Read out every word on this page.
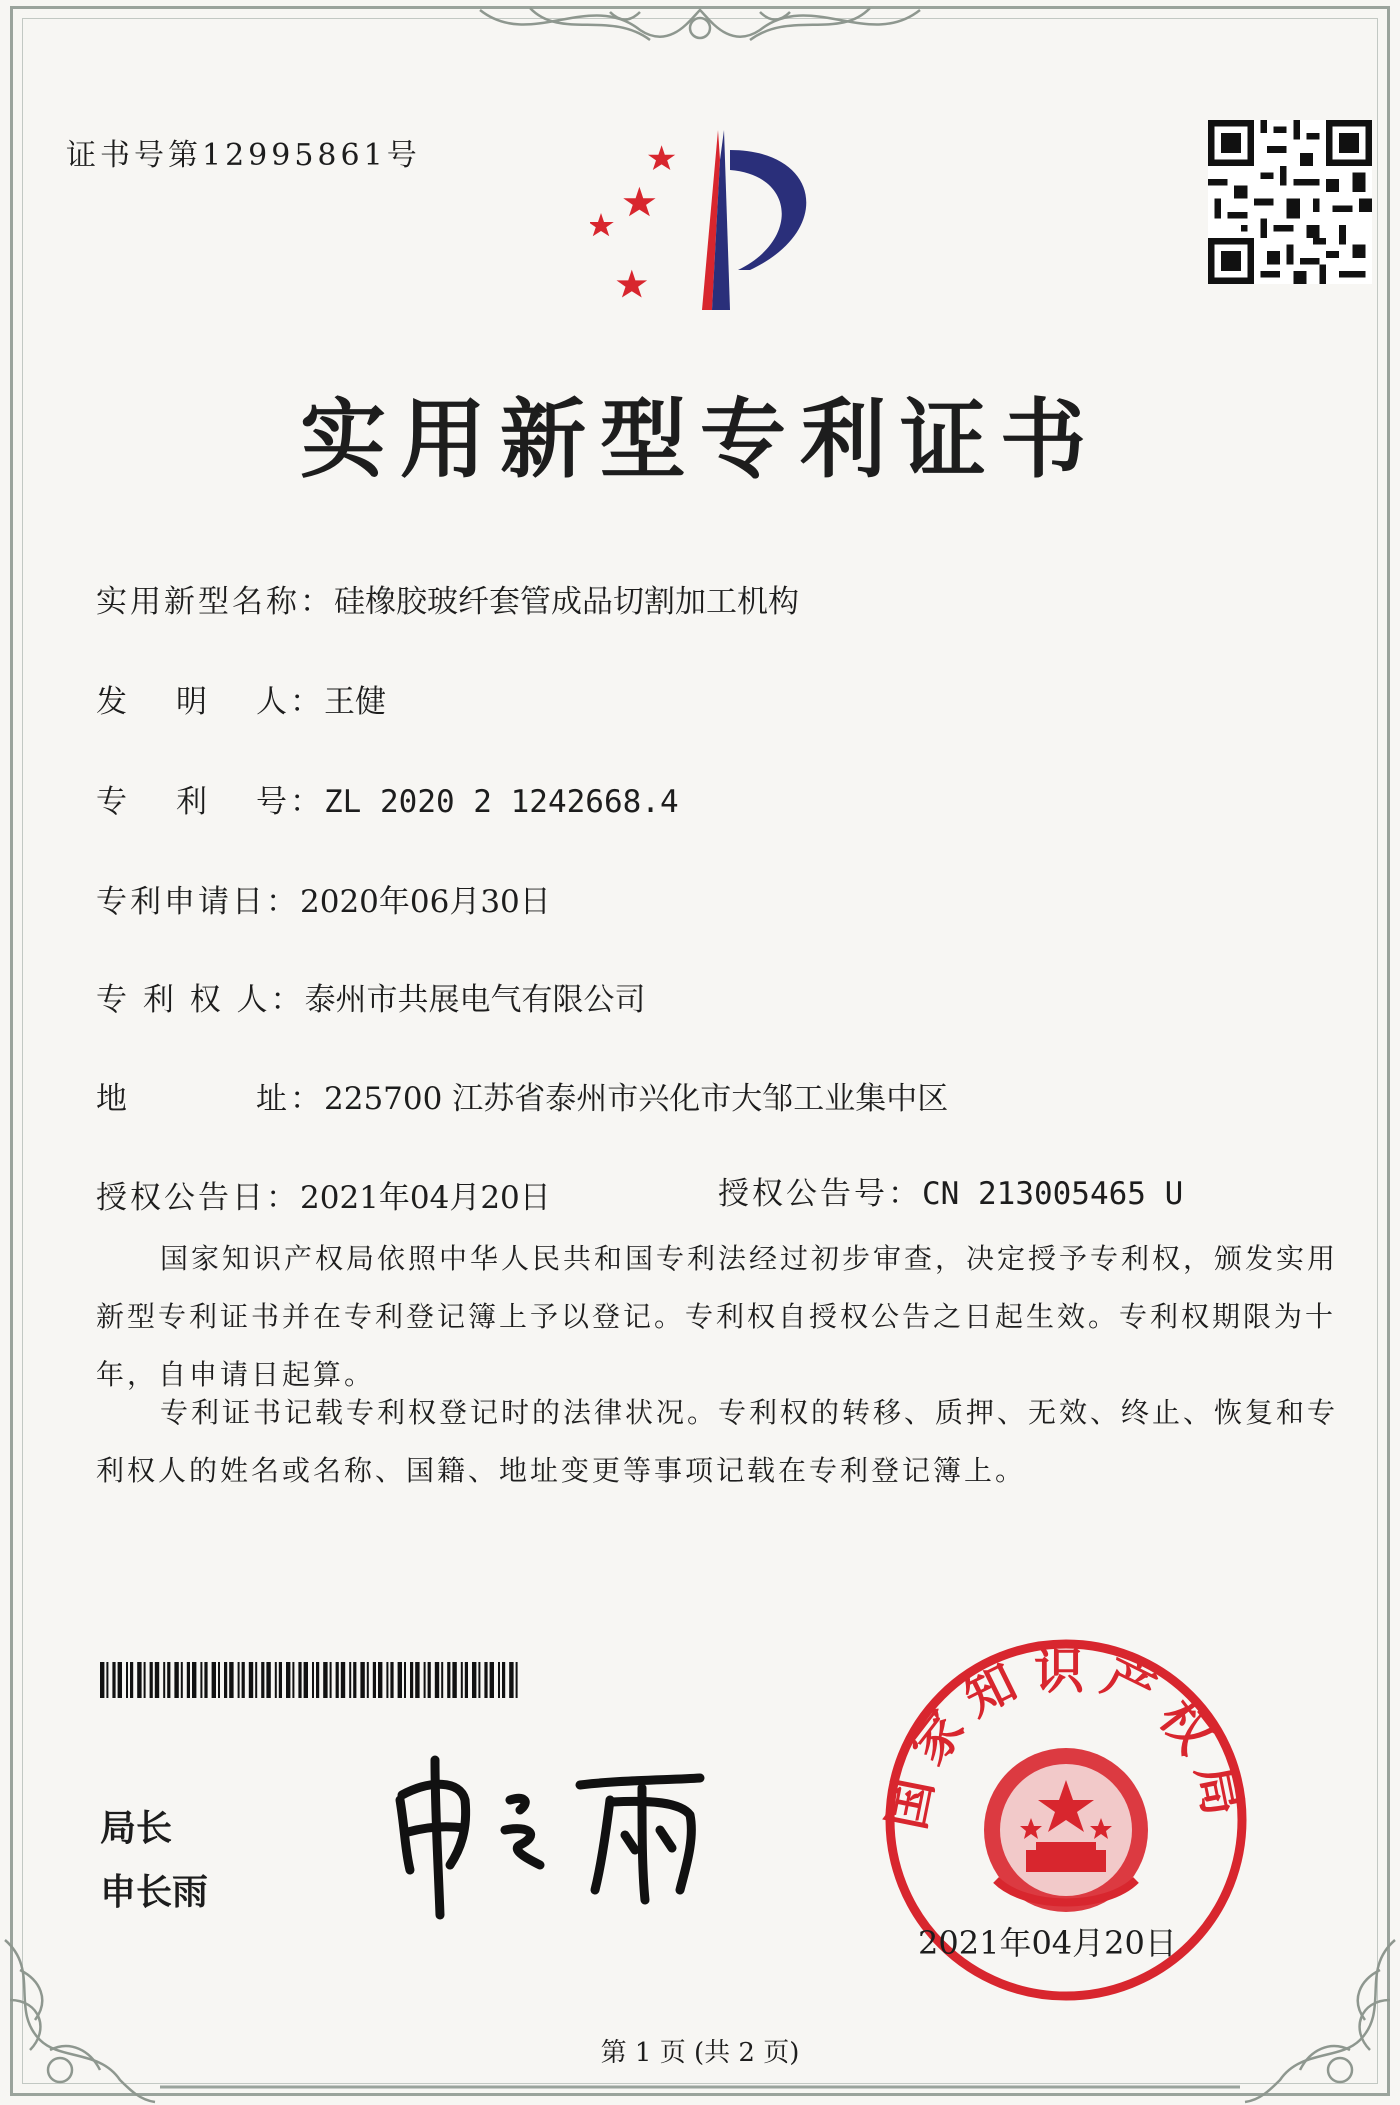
证书号第12995861号
实用新型专利证书
实用新型名称：硅橡胶玻纤套管成品切割加工机构
发 明 人：王健
专 利 号：ZL 2020 2 1242668.4
专利申请日：2020年06月30日
专 利 权 人：泰州市共展电气有限公司
地	址：225700 江苏省泰州市兴化市大邹工业集中区
授权公告日：2021年04月20日	授权公告号：CN 213005465 U
国家知识产权局依照中华人民共和国专利法经过初步审查，决定授予专利权，颁发实用新型专利证书并在专利登记簿上予以登记。专利权自授权公告之日起生效。专利权期限为十年，自申请日起算。
专利证书记载专利权登记时的法律状况。专利权的转移、质押、无效、终止、恢复和专利权人的姓名或名称、国籍、地址变更等事项记载在专利登记簿上。
局长
申长雨
国家知识产权局
2021年04月20日
第 1 页 (共 2 页)
